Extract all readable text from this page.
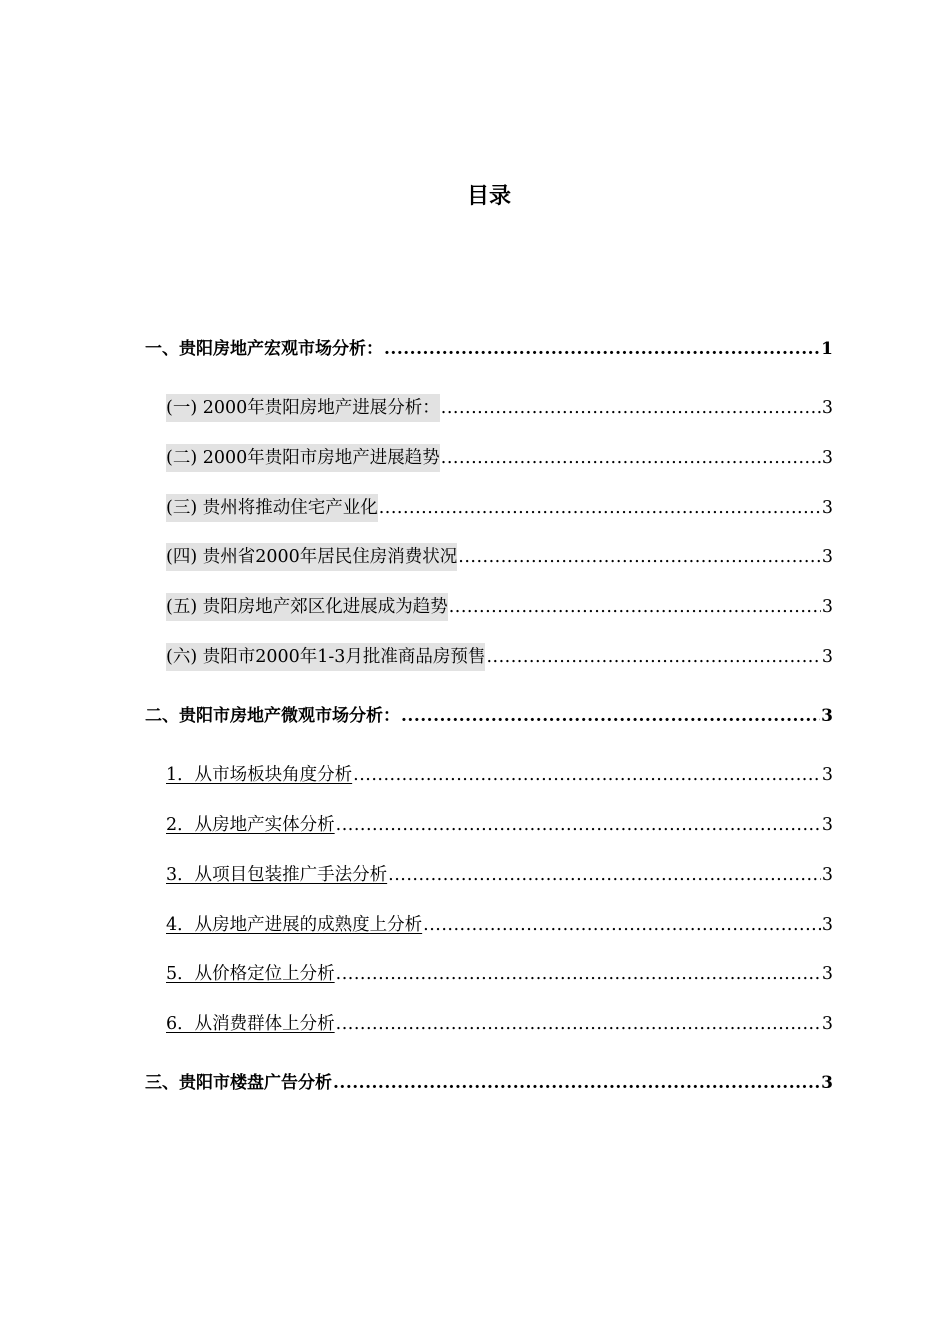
目录
一、贵阳房地产宏观市场分析： .....	1
(一) 2000年贵阳房地产进展分析： .....	3
(二) 2000年贵阳市房地产进展趋势 .....	3
(三) 贵州将推动住宅产业化 .....	3
(四) 贵州省2000年居民住房消费状况 .....	3
(五) 贵阳房地产郊区化进展成为趋势 .....	3
(六) 贵阳市2000年1-3月批准商品房预售 .....	3
二、贵阳市房地产微观市场分析： .....	3
1．从市场板块角度分析 .....	3
2．从房地产实体分析 .....	3
3．从项目包装推广手法分析 .....	3
4．从房地产进展的成熟度上分析 .....	3
5．从价格定位上分析 .....	3
6．从消费群体上分析 .....	3
三、贵阳市楼盘广告分析 .....	3
